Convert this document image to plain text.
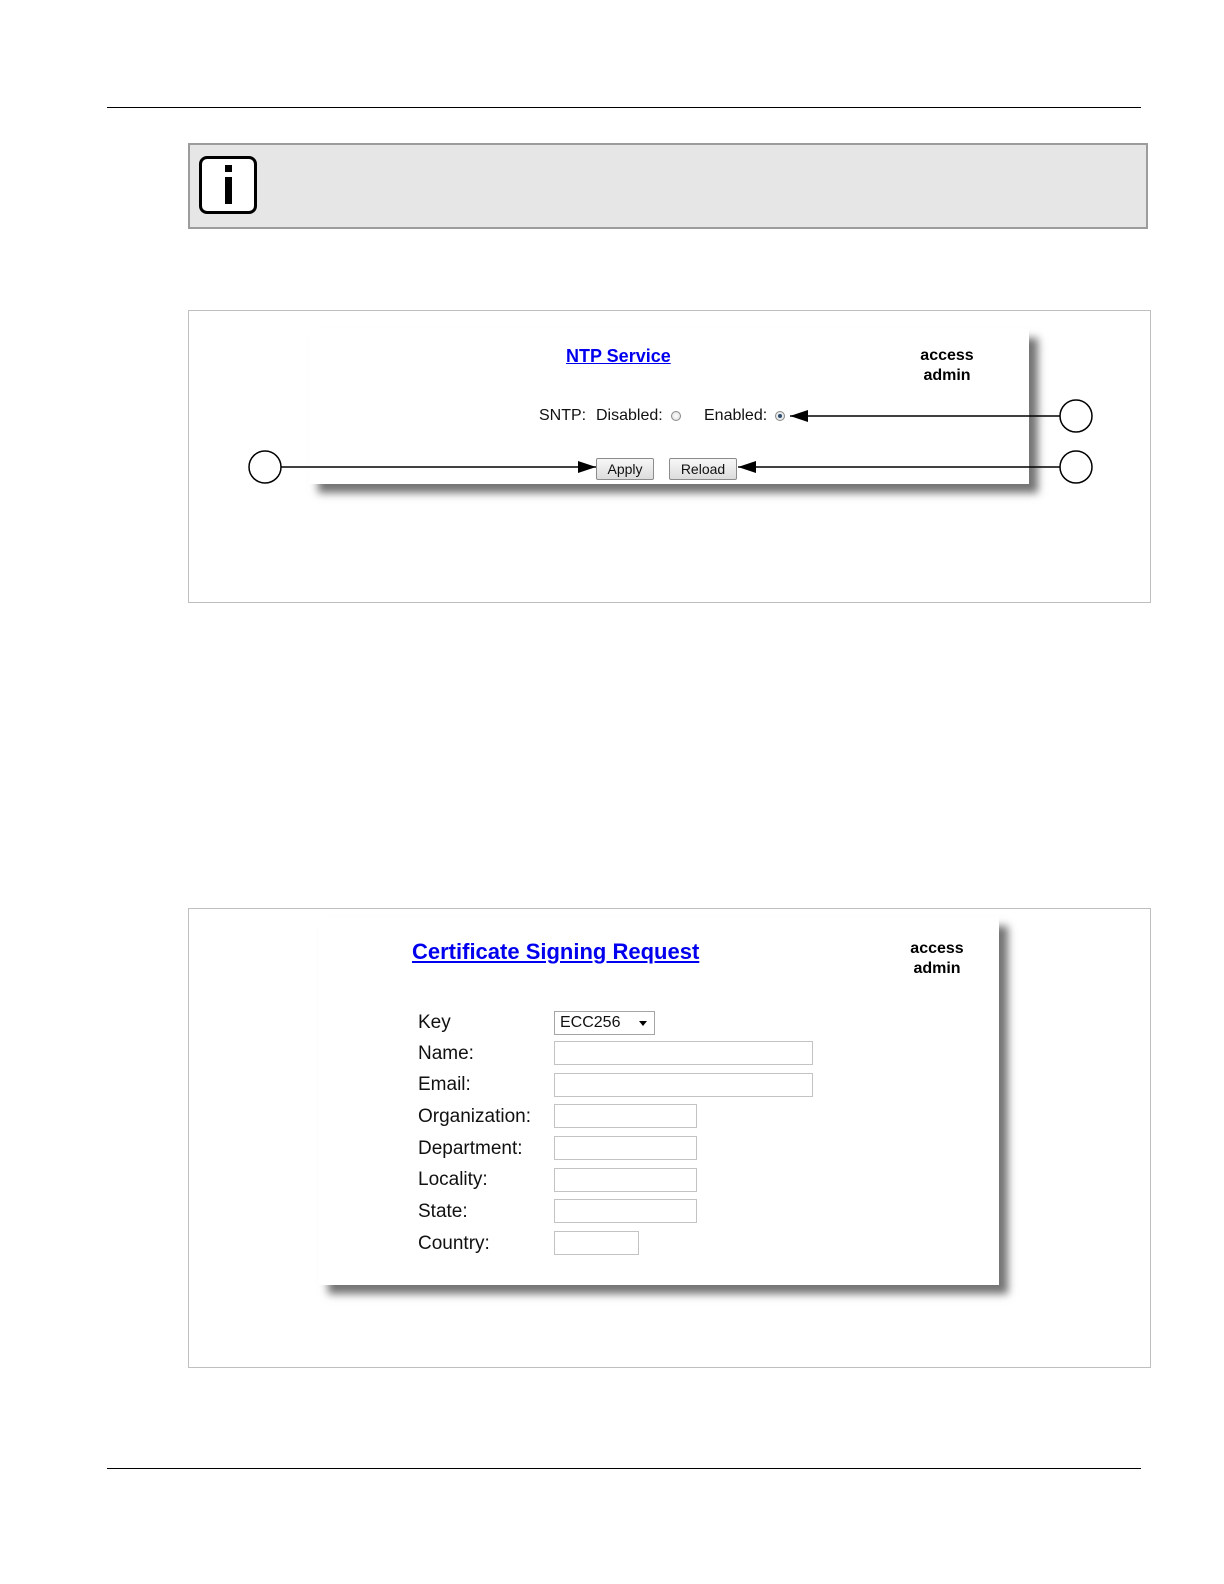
NTP Service	access
admin
SNTP: Disabled:	Enabled:
Apply	Reload
Certificate Signing Request	access
admin
Key	ECC256
Name:
Email:
Organization:
Department:
Locality:
State:
Country:
